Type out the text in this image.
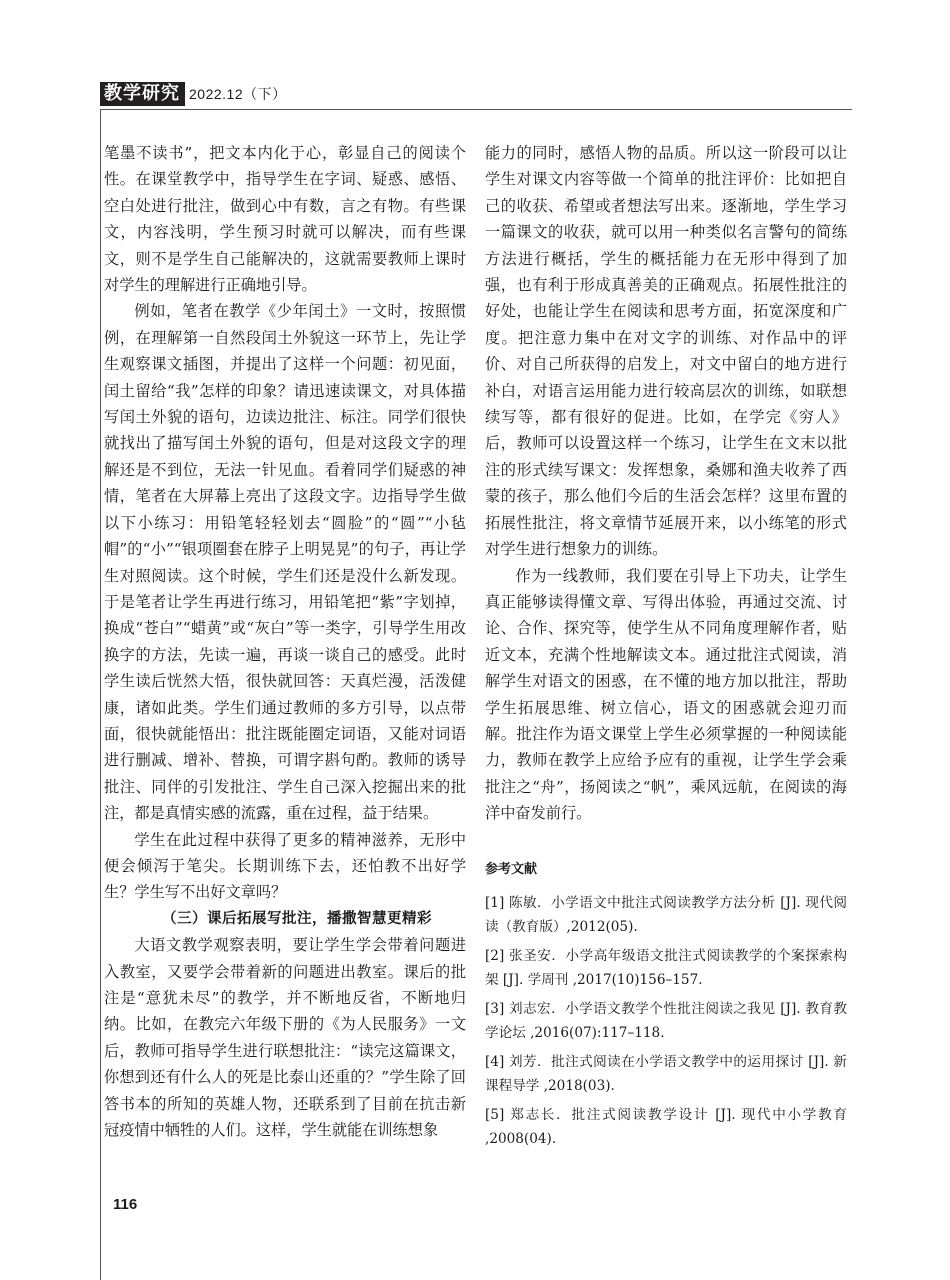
教学研究 2022.12（下）

笔墨不读书”，把文本内化于心，彰显自己的阅读个性。在课堂教学中，指导学生在字词、疑惑、感悟、空白处进行批注，做到心中有数，言之有物。有些课文，内容浅明，学生预习时就可以解决，而有些课文，则不是学生自己能解决的，这就需要教师上课时对学生的理解进行正确地引导。

例如，笔者在教学《少年闰土》一文时，按照惯例，在理解第一自然段闰土外貌这一环节上，先让学生观察课文插图，并提出了这样一个问题：初见面，闰土留给“我”怎样的印象？请迅速读课文，对具体描写闰土外貌的语句，边读边批注、标注。同学们很快就找出了描写闰土外貌的语句，但是对这段文字的理解还是不到位，无法一针见血。看着同学们疑惑的神情，笔者在大屏幕上亮出了这段文字。边指导学生做以下小练习：用铅笔轻轻划去“圆脸”的“圆”“小毡帽”的“小”“银项圈套在脖子上明晃晃”的句子，再让学生对照阅读。这个时候，学生们还是没什么新发现。于是笔者让学生再进行练习，用铅笔把“紫”字划掉，换成“苍白”“蜡黄”或“灰白”等一类字，引导学生用改换字的方法，先读一遍，再谈一谈自己的感受。此时学生读后恍然大悟，很快就回答：天真烂漫，活泼健康，诸如此类。学生们通过教师的多方引导，以点带面，很快就能悟出：批注既能圈定词语，又能对词语进行删减、增补、替换，可谓字斟句酌。教师的诱导批注、同伴的引发批注、学生自己深入挖掘出来的批注，都是真情实感的流露，重在过程，益于结果。

学生在此过程中获得了更多的精神滋养，无形中便会倾泻于笔尖。长期训练下去，还怕教不出好学生？学生写不出好文章吗？

（三）课后拓展写批注，播撒智慧更精彩

大语文教学观察表明，要让学生学会带着问题进入教室，又要学会带着新的问题进出教室。课后的批注是“意犹未尽”的教学，并不断地反省，不断地归纳。比如，在教完六年级下册的《为人民服务》一文后，教师可指导学生进行联想批注：“读完这篇课文，你想到还有什么人的死是比泰山还重的？”学生除了回答书本的所知的英雄人物，还联系到了目前在抗击新冠疫情中牺牲的人们。这样，学生就能在训练想象

能力的同时，感悟人物的品质。所以这一阶段可以让学生对课文内容等做一个简单的批注评价：比如把自己的收获、希望或者想法写出来。逐渐地，学生学习一篇课文的收获，就可以用一种类似名言警句的简练方法进行概括，学生的概括能力在无形中得到了加强，也有利于形成真善美的正确观点。拓展性批注的好处，也能让学生在阅读和思考方面，拓宽深度和广度。把注意力集中在对文字的训练、对作品中的评价、对自己所获得的启发上，对文中留白的地方进行补白，对语言运用能力进行较高层次的训练，如联想续写等，都有很好的促进。比如，在学完《穷人》后，教师可以设置这样一个练习，让学生在文末以批注的形式续写课文：发挥想象，桑娜和渔夫收养了西蒙的孩子，那么他们今后的生活会怎样？这里布置的拓展性批注，将文章情节延展开来，以小练笔的形式对学生进行想象力的训练。

作为一线教师，我们要在引导上下功夫，让学生真正能够读得懂文章、写得出体验，再通过交流、讨论、合作、探究等，使学生从不同角度理解作者，贴近文本，充满个性地解读文本。通过批注式阅读，消解学生对语文的困惑，在不懂的地方加以批注，帮助学生拓展思维、树立信心，语文的困惑就会迎刃而解。批注作为语文课堂上学生必须掌握的一种阅读能力，教师在教学上应给予应有的重视，让学生学会乘批注之“舟”，扬阅读之“帆”，乘风远航，在阅读的海洋中奋发前行。

参考文献
[1] 陈敏．小学语文中批注式阅读教学方法分析 [J]. 现代阅读（教育版）,2012(05).
[2] 张圣安．小学高年级语文批注式阅读教学的个案探索构架 [J]. 学周刊 ,2017(10)156–157.
[3] 刘志宏．小学语文教学个性批注阅读之我见 [J]. 教育教学论坛 ,2016(07):117–118.
[4] 刘芳．批注式阅读在小学语文教学中的运用探讨 [J]. 新课程导学 ,2018(03).
[5] 郑志长．批注式阅读教学设计 [J]. 现代中小学教育 ,2008(04).
116
